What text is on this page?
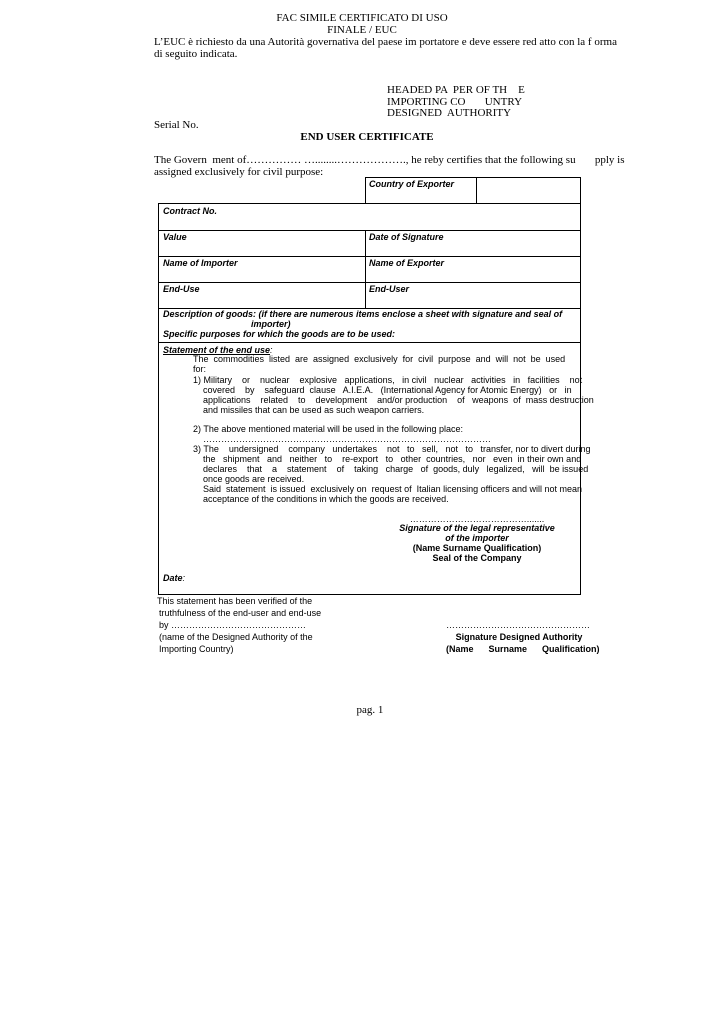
FAC SIMILE CERTIFICATO DI USO
FINALE / EUC
L’EUC è richiesto da una Autorità governativa del paese im portatore e deve essere red atto con la f orma
di seguito indicata.
HEADED PA  PER OF TH    E
IMPORTING CO       UNTRY
DESIGNED  AUTHORITY
Serial No.
END USER CERTIFICATE
The Govern  ment of…………… …........………………., he reby certifies that the following su       pply is
assigned exclusively for civil purpose:
Country of Exporter
Contract No.
Value	Date of Signature
Name of Importer	Name of Exporter
End-Use	End-User
Description of goods: (if there are numerous items enclose a sheet with signature and seal of
importer)
Specific purposes for which the goods are to be used:
Statement of the end use:
The  commodities  listed  are  assigned  exclusively  for  civil  purpose  and  will  not  be  used
for:
1) Military    or    nuclear    explosive   applications,   in civil   nuclear   activities   in   facilities    not
covered    by    safeguard  clause   A.I.E.A.   (International Agency for Atomic Energy)   or   in
applications    related    to    development    and/or production    of   weapons  of  mass destruction
and missiles that can be used as such weapon carriers.
2) The above mentioned material will be used in the following place:
……………………………………………………………………………………
3) The    undersigned    company   undertakes    not   to   sell,   not   to   transfer, nor to divert during
the   shipment   and   neither   to    re-export   to   other  countries,   nor   even  in their own and
declares    that    a    statement    of    taking   charge   of  goods, duly   legalized,   will  be issued
once goods are received.
Said  statement  is issued  exclusively on  request of  Italian licensing officers and will not mean
acceptance of the conditions in which the goods are received.
………………………………….......
Signature of the legal representative
of the importer
(Name Surname Qualification)
Seal of the Company
Date:
This statement has been verified of the
truthfulness of the end-user and end-use
by ………………………………………
(name of the Designed Authority of the
Importing Country)
…………………………………………
Signature Designed Authority
(Name      Surname      Qualification)
pag. 1
